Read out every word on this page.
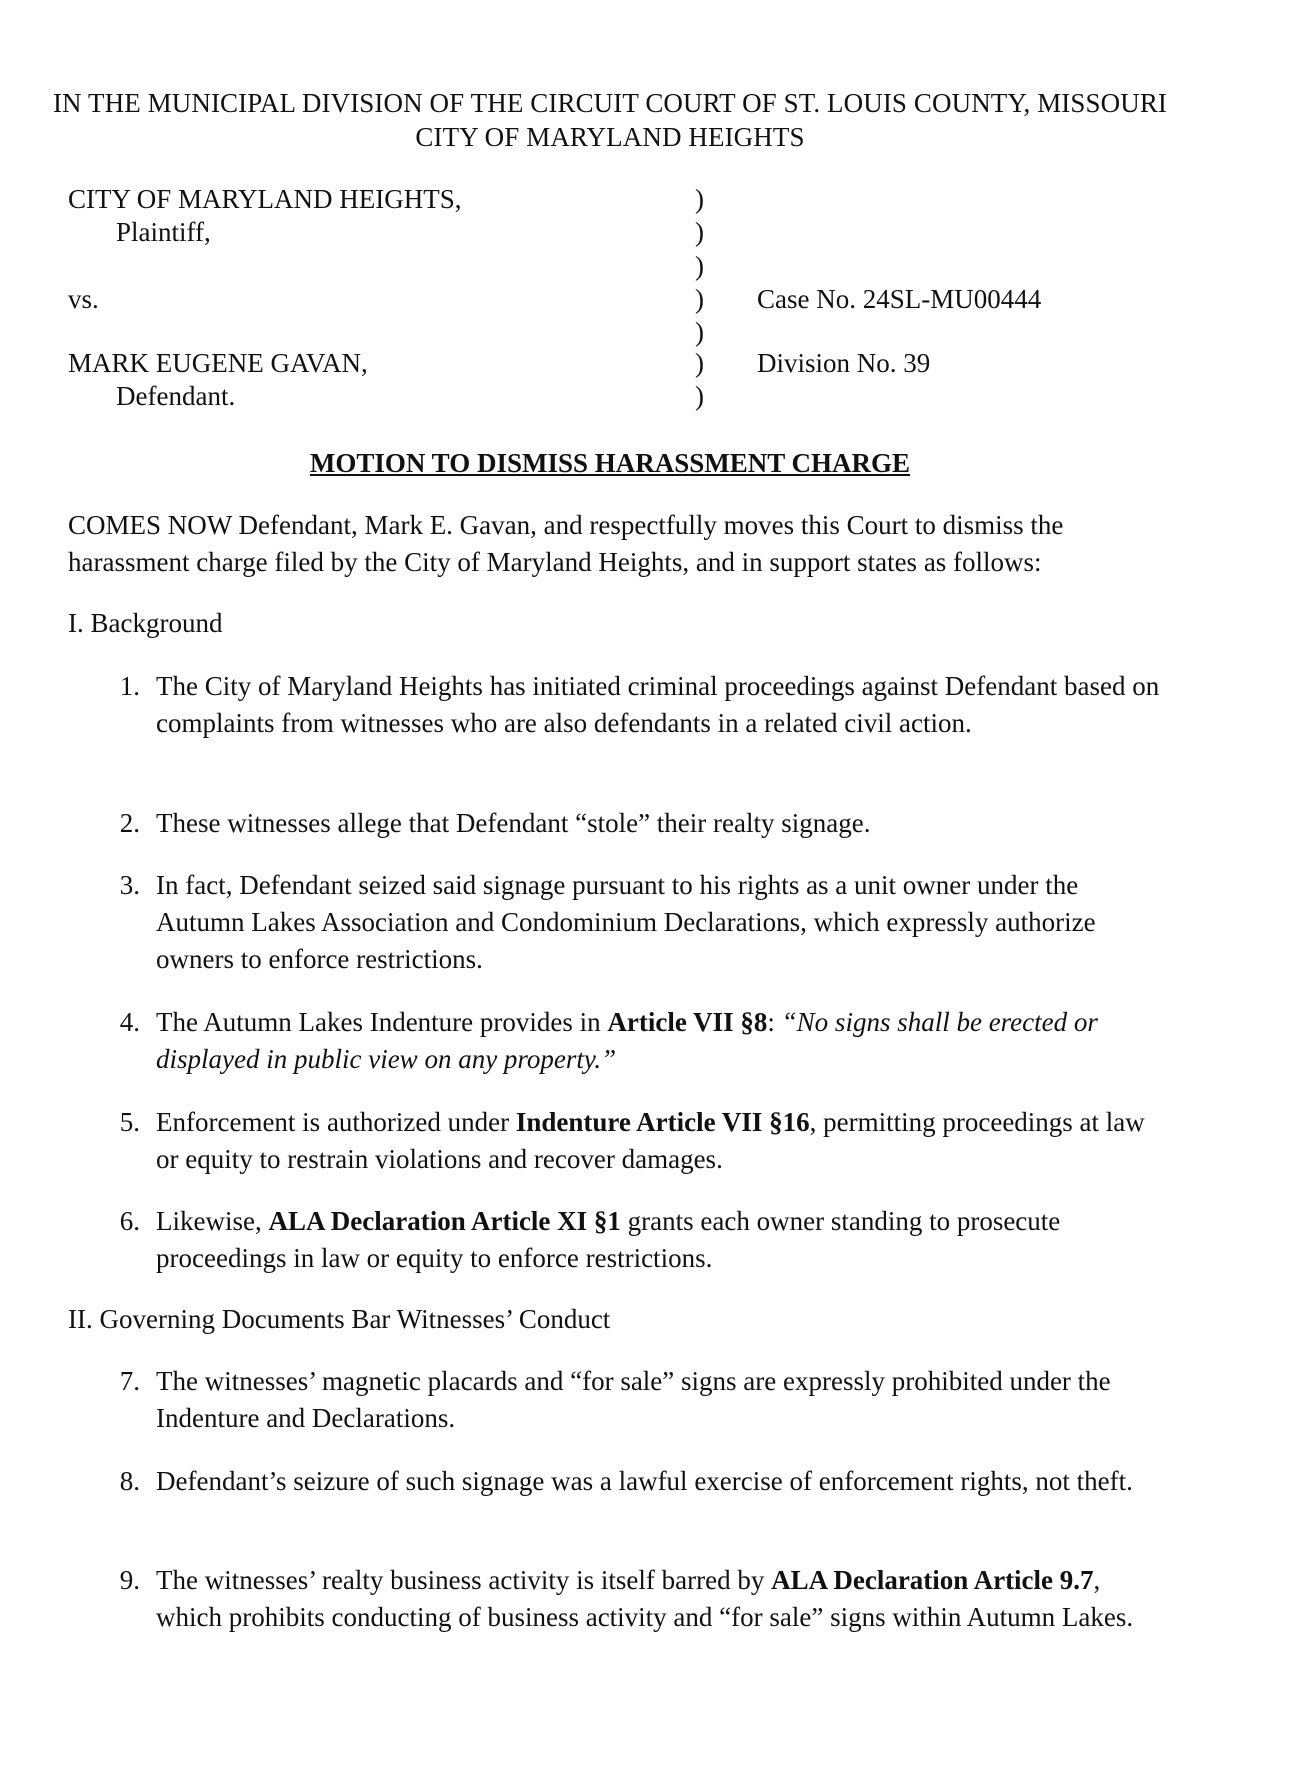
IN THE MUNICIPAL DIVISION OF THE CIRCUIT COURT OF ST. LOUIS COUNTY, MISSOURI
CITY OF MARYLAND HEIGHTS
CITY OF MARYLAND HEIGHTS,
Plaintiff,
vs.
MARK EUGENE GAVAN,
Defendant.
)
)
)
)
)
)
)
Case No. 24SL-MU00444
Division No. 39
MOTION TO DISMISS HARASSMENT CHARGE
COMES NOW Defendant, Mark E. Gavan, and respectfully moves this Court to dismiss the harassment charge filed by the City of Maryland Heights, and in support states as follows:
I. Background
1. The City of Maryland Heights has initiated criminal proceedings against Defendant based on complaints from witnesses who are also defendants in a related civil action.
2. These witnesses allege that Defendant “stole” their realty signage.
3. In fact, Defendant seized said signage pursuant to his rights as a unit owner under the Autumn Lakes Association and Condominium Declarations, which expressly authorize owners to enforce restrictions.
4. The Autumn Lakes Indenture provides in Article VII §8: “No signs shall be erected or displayed in public view on any property.”
5. Enforcement is authorized under Indenture Article VII §16, permitting proceedings at law or equity to restrain violations and recover damages.
6. Likewise, ALA Declaration Article XI §1 grants each owner standing to prosecute proceedings in law or equity to enforce restrictions.
II. Governing Documents Bar Witnesses’ Conduct
7. The witnesses’ magnetic placards and “for sale” signs are expressly prohibited under the Indenture and Declarations.
8. Defendant’s seizure of such signage was a lawful exercise of enforcement rights, not theft.
9. The witnesses’ realty business activity is itself barred by ALA Declaration Article 9.7, which prohibits conducting of business activity and “for sale” signs within Autumn Lakes.
